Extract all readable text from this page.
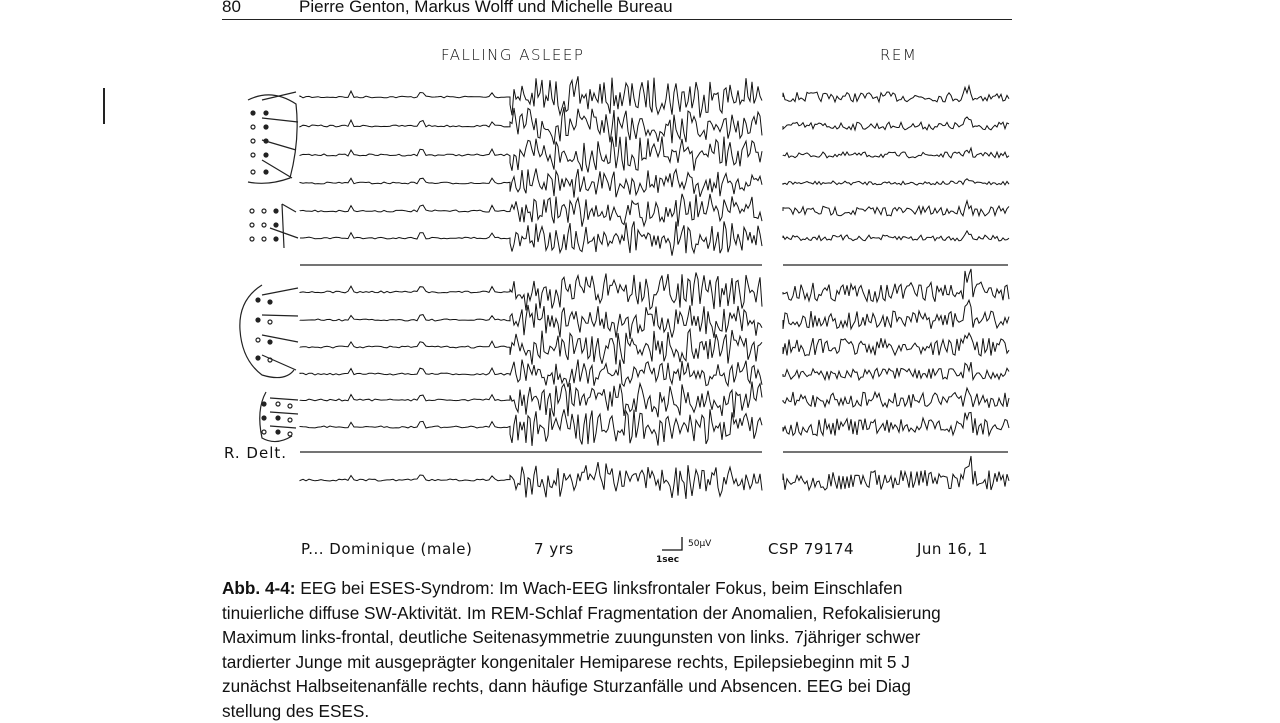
80	Pierre Genton, Markus Wolff und Michelle Bureau
FALLING ASLEEP	REM
R. Delt.
50µV
1sec
P... Dominique (male)	7 yrs	CSP 79174	Jun 16, 1
Abb. 4-4: EEG bei ESES-Syndrom: Im Wach-EEG linksfrontaler Fokus, beim Einschlafen
tinuierliche diffuse SW-Aktivität. Im REM-Schlaf Fragmentation der Anomalien, Refokalisierung
Maximum links-frontal, deutliche Seitenasymmetrie zuungunsten von links. 7jähriger schwer
tardierter Junge mit ausgeprägter kongenitaler Hemiparese rechts, Epilepsiebeginn mit 5 J
zunächst Halbseitenanfälle rechts, dann häufige Sturzanfälle und Absencen. EEG bei Diag
stellung des ESES.
